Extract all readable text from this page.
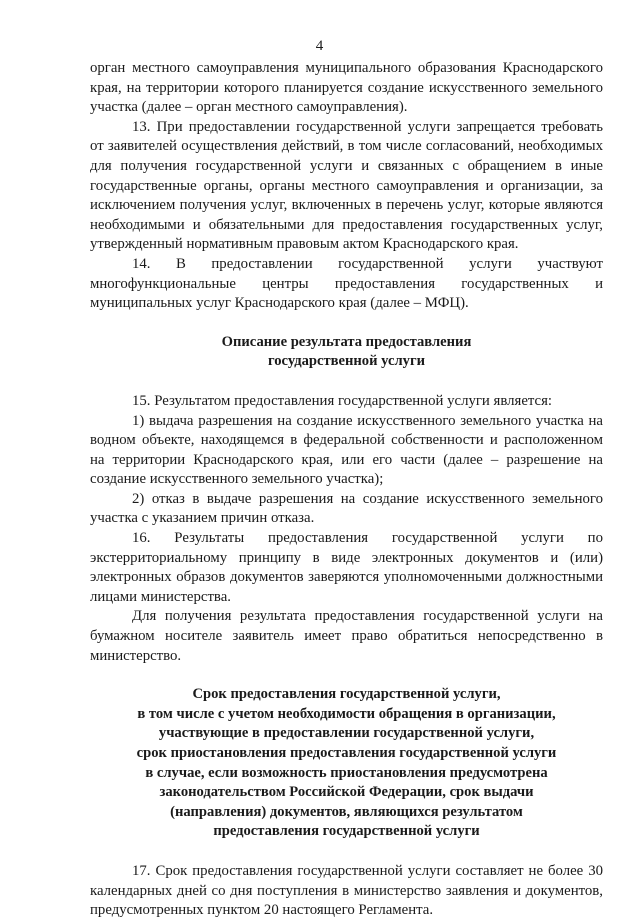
4

орган местного самоуправления муниципального образования Краснодарского края, на территории которого планируется создание искусственного земельного участка (далее – орган местного самоуправления).

13. При предоставлении государственной услуги запрещается требовать от заявителей осуществления действий, в том числе согласований, необходимых для получения государственной услуги и связанных с обращением в иные государственные органы, органы местного самоуправления и организации, за исключением получения услуг, включенных в перечень услуг, которые являются необходимыми и обязательными для предоставления государственных услуг, утвержденный нормативным правовым актом Краснодарского края.

14. В предоставлении государственной услуги участвуют многофункциональные центры предоставления государственных и муниципальных услуг Краснодарского края (далее – МФЦ).

Описание результата предоставления
государственной услуги

15. Результатом предоставления государственной услуги является:

1) выдача разрешения на создание искусственного земельного участка на водном объекте, находящемся в федеральной собственности и расположенном на территории Краснодарского края, или его части (далее – разрешение на создание искусственного земельного участка);

2) отказ в выдаче разрешения на создание искусственного земельного участка с указанием причин отказа.

16. Результаты предоставления государственной услуги по экстерриториальному принципу в виде электронных документов и (или) электронных образов документов заверяются уполномоченными должностными лицами министерства.

Для получения результата предоставления государственной услуги на бумажном носителе заявитель имеет право обратиться непосредственно в министерство.

Срок предоставления государственной услуги,
в том числе с учетом необходимости обращения в организации,
участвующие в предоставлении государственной услуги,
срок приостановления предоставления государственной услуги
в случае, если возможность приостановления предусмотрена
законодательством Российской Федерации, срок выдачи
(направления) документов, являющихся результатом
предоставления государственной услуги

17. Срок предоставления государственной услуги составляет не более 30 календарных дней со дня поступления в министерство заявления и документов, предусмотренных пунктом 20 настоящего Регламента.
